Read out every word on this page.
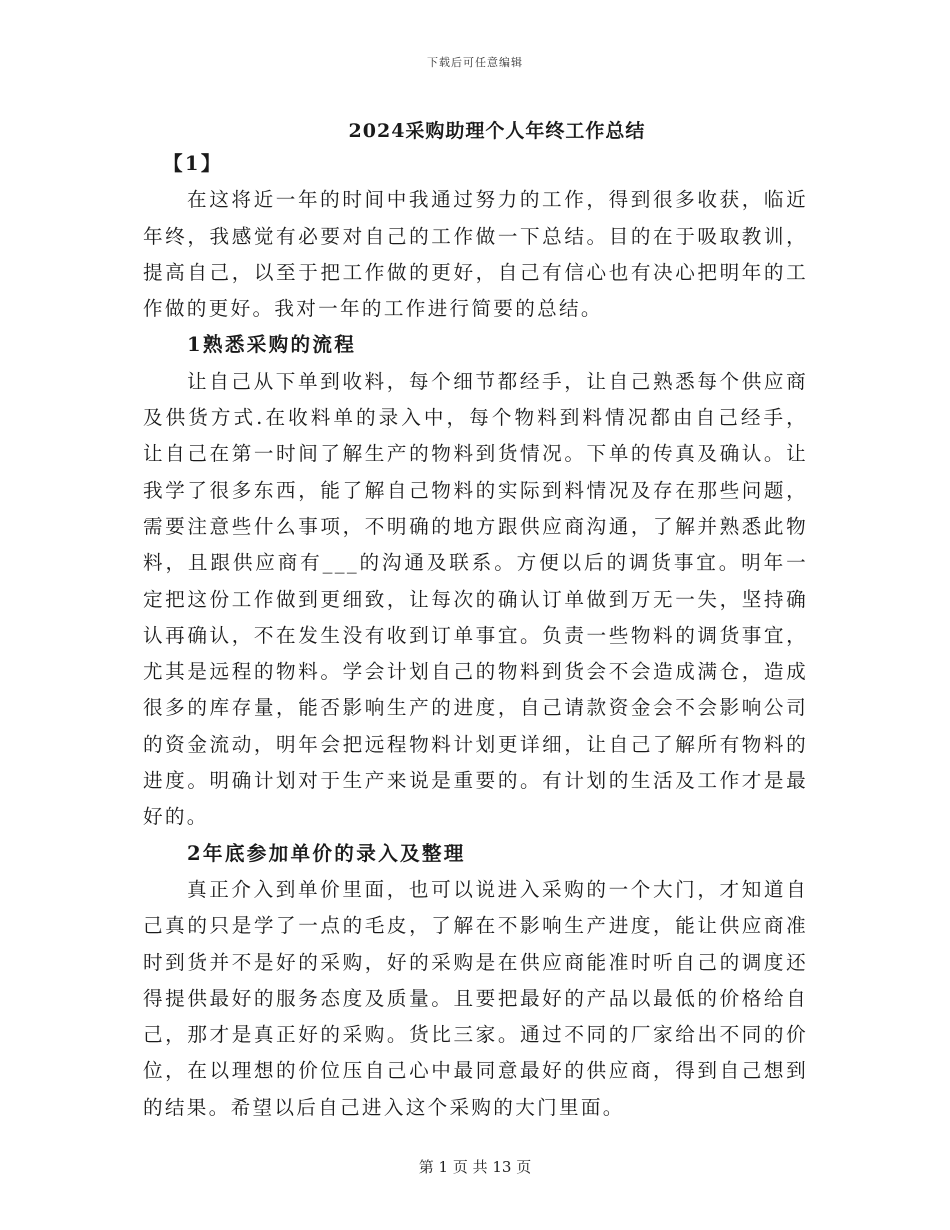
下载后可任意编辑
2024采购助理个人年终工作总结
【1】

在这将近一年的时间中我通过努力的工作，得到很多收获，临近年终，我感觉有必要对自己的工作做一下总结。目的在于吸取教训，提高自己，以至于把工作做的更好，自己有信心也有决心把明年的工作做的更好。我对一年的工作进行简要的总结。

1熟悉采购的流程

让自己从下单到收料，每个细节都经手，让自己熟悉每个供应商及供货方式.在收料单的录入中，每个物料到料情况都由自己经手，让自己在第一时间了解生产的物料到货情况。下单的传真及确认。让我学了很多东西，能了解自己物料的实际到料情况及存在那些问题，需要注意些什么事项，不明确的地方跟供应商沟通，了解并熟悉此物料，且跟供应商有___的沟通及联系。方便以后的调货事宜。明年一定把这份工作做到更细致，让每次的确认订单做到万无一失，坚持确认再确认，不在发生没有收到订单事宜。负责一些物料的调货事宜，尤其是远程的物料。学会计划自己的物料到货会不会造成满仓，造成很多的库存量，能否影响生产的进度，自己请款资金会不会影响公司的资金流动，明年会把远程物料计划更详细，让自己了解所有物料的进度。明确计划对于生产来说是重要的。有计划的生活及工作才是最好的。

2年底参加单价的录入及整理

真正介入到单价里面，也可以说进入采购的一个大门，才知道自己真的只是学了一点的毛皮，了解在不影响生产进度，能让供应商准时到货并不是好的采购，好的采购是在供应商能准时听自己的调度还得提供最好的服务态度及质量。且要把最好的产品以最低的价格给自己，那才是真正好的采购。货比三家。通过不同的厂家给出不同的价位，在以理想的价位压自己心中最同意最好的供应商，得到自己想到的结果。希望以后自己进入这个采购的大门里面。

第 1 页 共 13 页
